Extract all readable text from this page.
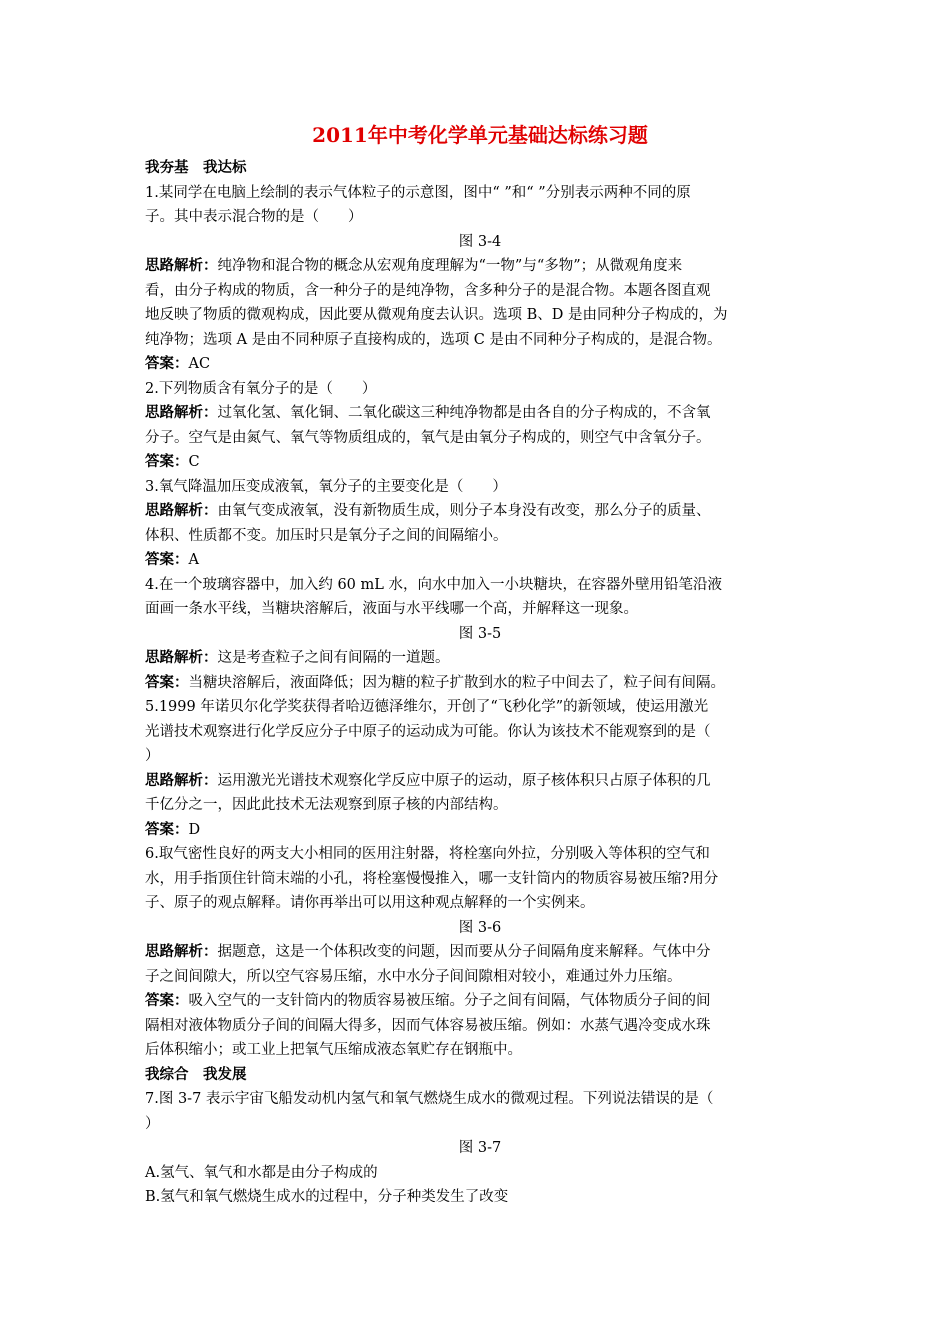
2011年中考化学单元基础达标练习题
我夯基　我达标
1.某同学在电脑上绘制的表示气体粒子的示意图，图中“ ”和“ ”分别表示两种不同的原
子。其中表示混合物的是（　　）
图 3-4
思路解析：纯净物和混合物的概念从宏观角度理解为“一物”与“多物”；从微观角度来
看，由分子构成的物质，含一种分子的是纯净物，含多种分子的是混合物。本题各图直观
地反映了物质的微观构成，因此要从微观角度去认识。选项 B、D 是由同种分子构成的，为
纯净物；选项 A 是由不同种原子直接构成的，选项 C 是由不同种分子构成的，是混合物。
答案：AC
2.下列物质含有氧分子的是（　　）
思路解析：过氧化氢、氧化铜、二氧化碳这三种纯净物都是由各自的分子构成的，不含氧
分子。空气是由氮气、氧气等物质组成的，氧气是由氧分子构成的，则空气中含氧分子。
答案：C
3.氧气降温加压变成液氧，氧分子的主要变化是（　　）
思路解析：由氧气变成液氧，没有新物质生成，则分子本身没有改变，那么分子的质量、
体积、性质都不变。加压时只是氧分子之间的间隔缩小。
答案：A
4.在一个玻璃容器中，加入约 60 mL 水，向水中加入一小块糖块，在容器外壁用铅笔沿液
面画一条水平线，当糖块溶解后，液面与水平线哪一个高，并解释这一现象。
图 3-5
思路解析：这是考查粒子之间有间隔的一道题。
答案：当糖块溶解后，液面降低；因为糖的粒子扩散到水的粒子中间去了，粒子间有间隔。
5.1999 年诺贝尔化学奖获得者哈迈德泽维尔，开创了“飞秒化学”的新领域，使运用激光
光谱技术观察进行化学反应分子中原子的运动成为可能。你认为该技术不能观察到的是（
）
思路解析：运用激光光谱技术观察化学反应中原子的运动，原子核体积只占原子体积的几
千亿分之一，因此此技术无法观察到原子核的内部结构。
答案：D
6.取气密性良好的两支大小相同的医用注射器，将栓塞向外拉，分别吸入等体积的空气和
水，用手指顶住针筒末端的小孔，将栓塞慢慢推入，哪一支针筒内的物质容易被压缩?用分
子、原子的观点解释。请你再举出可以用这种观点解释的一个实例来。
图 3-6
思路解析：据题意，这是一个体积改变的问题，因而要从分子间隔角度来解释。气体中分
子之间间隙大，所以空气容易压缩，水中水分子间间隙相对较小，难通过外力压缩。
答案：吸入空气的一支针筒内的物质容易被压缩。分子之间有间隔，气体物质分子间的间
隔相对液体物质分子间的间隔大得多，因而气体容易被压缩。例如：水蒸气遇冷变成水珠
后体积缩小；或工业上把氧气压缩成液态氧贮存在钢瓶中。
我综合　我发展
7.图 3-7 表示宇宙飞船发动机内氢气和氧气燃烧生成水的微观过程。下列说法错误的是（
）
图 3-7
A.氢气、氧气和水都是由分子构成的
B.氢气和氧气燃烧生成水的过程中，分子种类发生了改变
